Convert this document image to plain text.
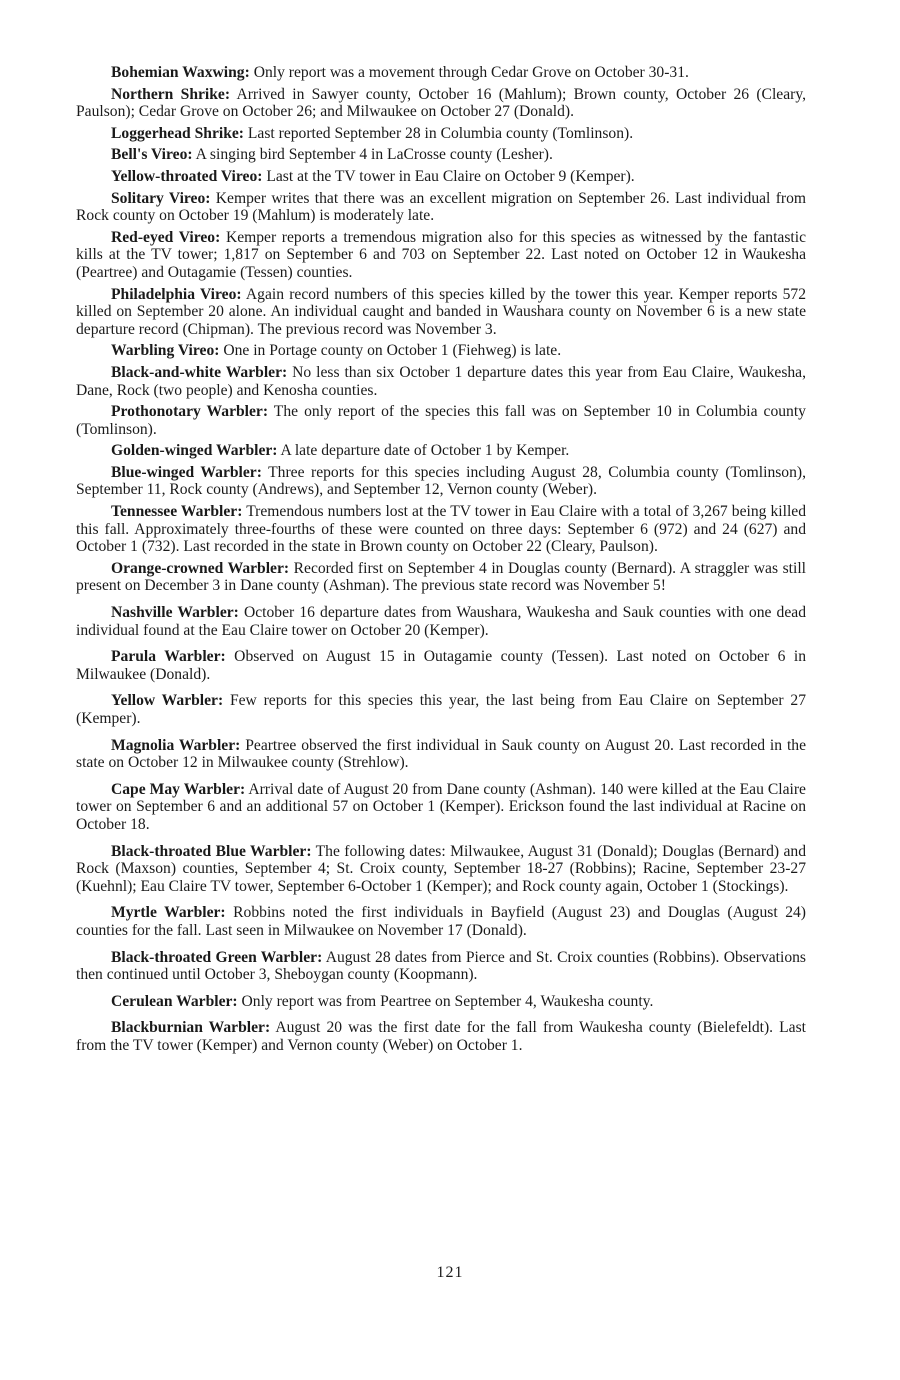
Bohemian Waxwing: Only report was a movement through Cedar Grove on October 30-31.

Northern Shrike: Arrived in Sawyer county, October 16 (Mahlum); Brown county, October 26 (Cleary, Paulson); Cedar Grove on October 26; and Milwaukee on October 27 (Donald).

Loggerhead Shrike: Last reported September 28 in Columbia county (Tomlinson).

Bell's Vireo: A singing bird September 4 in LaCrosse county (Lesher).

Yellow-throated Vireo: Last at the TV tower in Eau Claire on October 9 (Kemper).

Solitary Vireo: Kemper writes that there was an excellent migration on September 26. Last individual from Rock county on October 19 (Mahlum) is moderately late.

Red-eyed Vireo: Kemper reports a tremendous migration also for this species as witnessed by the fantastic kills at the TV tower; 1,817 on September 6 and 703 on September 22. Last noted on October 12 in Waukesha (Peartree) and Outagamie (Tessen) counties.

Philadelphia Vireo: Again record numbers of this species killed by the tower this year. Kemper reports 572 killed on September 20 alone. An individual caught and banded in Waushara county on November 6 is a new state departure record (Chipman). The previous record was November 3.

Warbling Vireo: One in Portage county on October 1 (Fiehweg) is late.

Black-and-white Warbler: No less than six October 1 departure dates this year from Eau Claire, Waukesha, Dane, Rock (two people) and Kenosha counties.

Prothonotary Warbler: The only report of the species this fall was on September 10 in Columbia county (Tomlinson).

Golden-winged Warbler: A late departure date of October 1 by Kemper.

Blue-winged Warbler: Three reports for this species including August 28, Columbia county (Tomlinson), September 11, Rock county (Andrews), and September 12, Vernon county (Weber).

Tennessee Warbler: Tremendous numbers lost at the TV tower in Eau Claire with a total of 3,267 being killed this fall. Approximately three-fourths of these were counted on three days: September 6 (972) and 24 (627) and October 1 (732). Last recorded in the state in Brown county on October 22 (Cleary, Paulson).

Orange-crowned Warbler: Recorded first on September 4 in Douglas county (Bernard). A straggler was still present on December 3 in Dane county (Ashman). The previous state record was November 5!

Nashville Warbler: October 16 departure dates from Waushara, Waukesha and Sauk counties with one dead individual found at the Eau Claire tower on October 20 (Kemper).

Parula Warbler: Observed on August 15 in Outagamie county (Tessen). Last noted on October 6 in Milwaukee (Donald).

Yellow Warbler: Few reports for this species this year, the last being from Eau Claire on September 27 (Kemper).

Magnolia Warbler: Peartree observed the first individual in Sauk county on August 20. Last recorded in the state on October 12 in Milwaukee county (Strehlow).

Cape May Warbler: Arrival date of August 20 from Dane county (Ashman). 140 were killed at the Eau Claire tower on September 6 and an additional 57 on October 1 (Kemper). Erickson found the last individual at Racine on October 18.

Black-throated Blue Warbler: The following dates: Milwaukee, August 31 (Donald); Douglas (Bernard) and Rock (Maxson) counties, September 4; St. Croix county, September 18-27 (Robbins); Racine, September 23-27 (Kuehnl); Eau Claire TV tower, September 6-October 1 (Kemper); and Rock county again, October 1 (Stockings).

Myrtle Warbler: Robbins noted the first individuals in Bayfield (August 23) and Douglas (August 24) counties for the fall. Last seen in Milwaukee on November 17 (Donald).

Black-throated Green Warbler: August 28 dates from Pierce and St. Croix counties (Robbins). Observations then continued until October 3, Sheboygan county (Koopmann).

Cerulean Warbler: Only report was from Peartree on September 4, Waukesha county.

Blackburnian Warbler: August 20 was the first date for the fall from Waukesha county (Bielefeldt). Last from the TV tower (Kemper) and Vernon county (Weber) on October 1.

121
